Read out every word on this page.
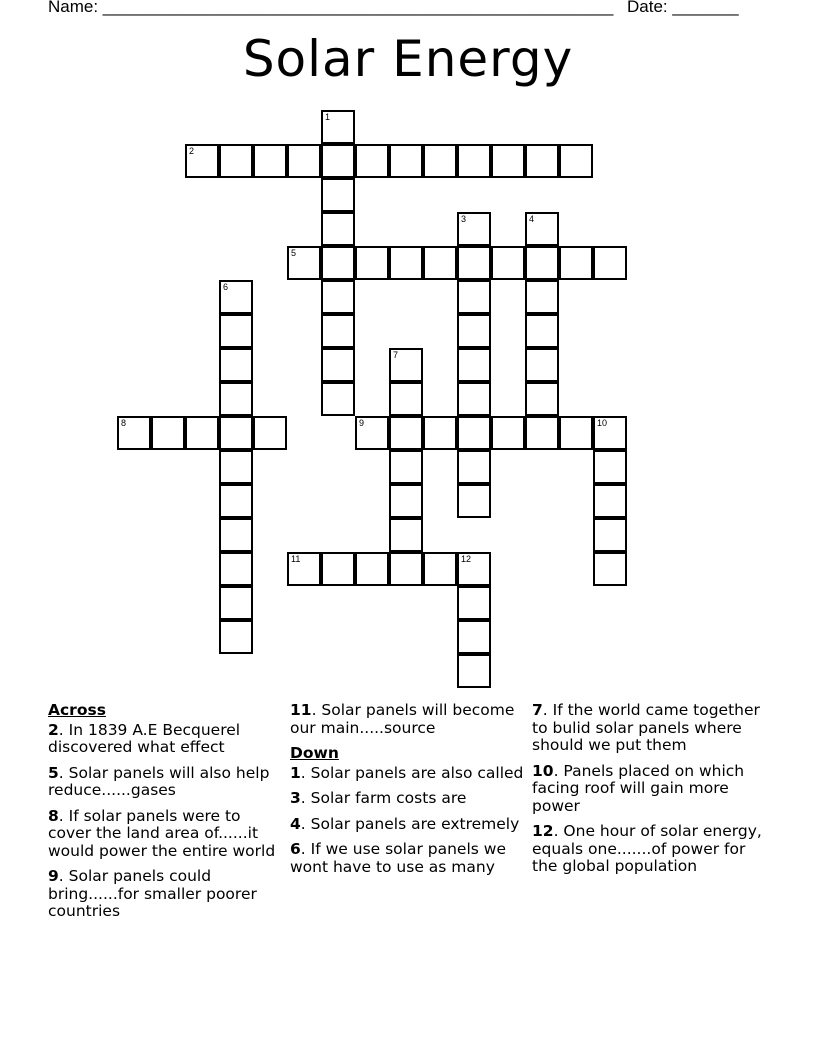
Name: ______________________________________________________ Date: _______
Solar Energy
1
2
3	4
5
6
7
8	9	10
11	12
Across
2. In 1839 A.E Becquerel discovered what effect
5. Solar panels will also help reduce......gases
8. If solar panels were to cover the land area of......it would power the entire world
9. Solar panels could bring......for smaller poorer countries
11. Solar panels will become our main.....source
Down
1. Solar panels are also called
3. Solar farm costs are
4. Solar panels are extremely
6. If we use solar panels we wont have to use as many
7. If the world came together to bulid solar panels where should we put them
10. Panels placed on which facing roof will gain more power
12. One hour of solar energy, equals one.......of power for the global population
